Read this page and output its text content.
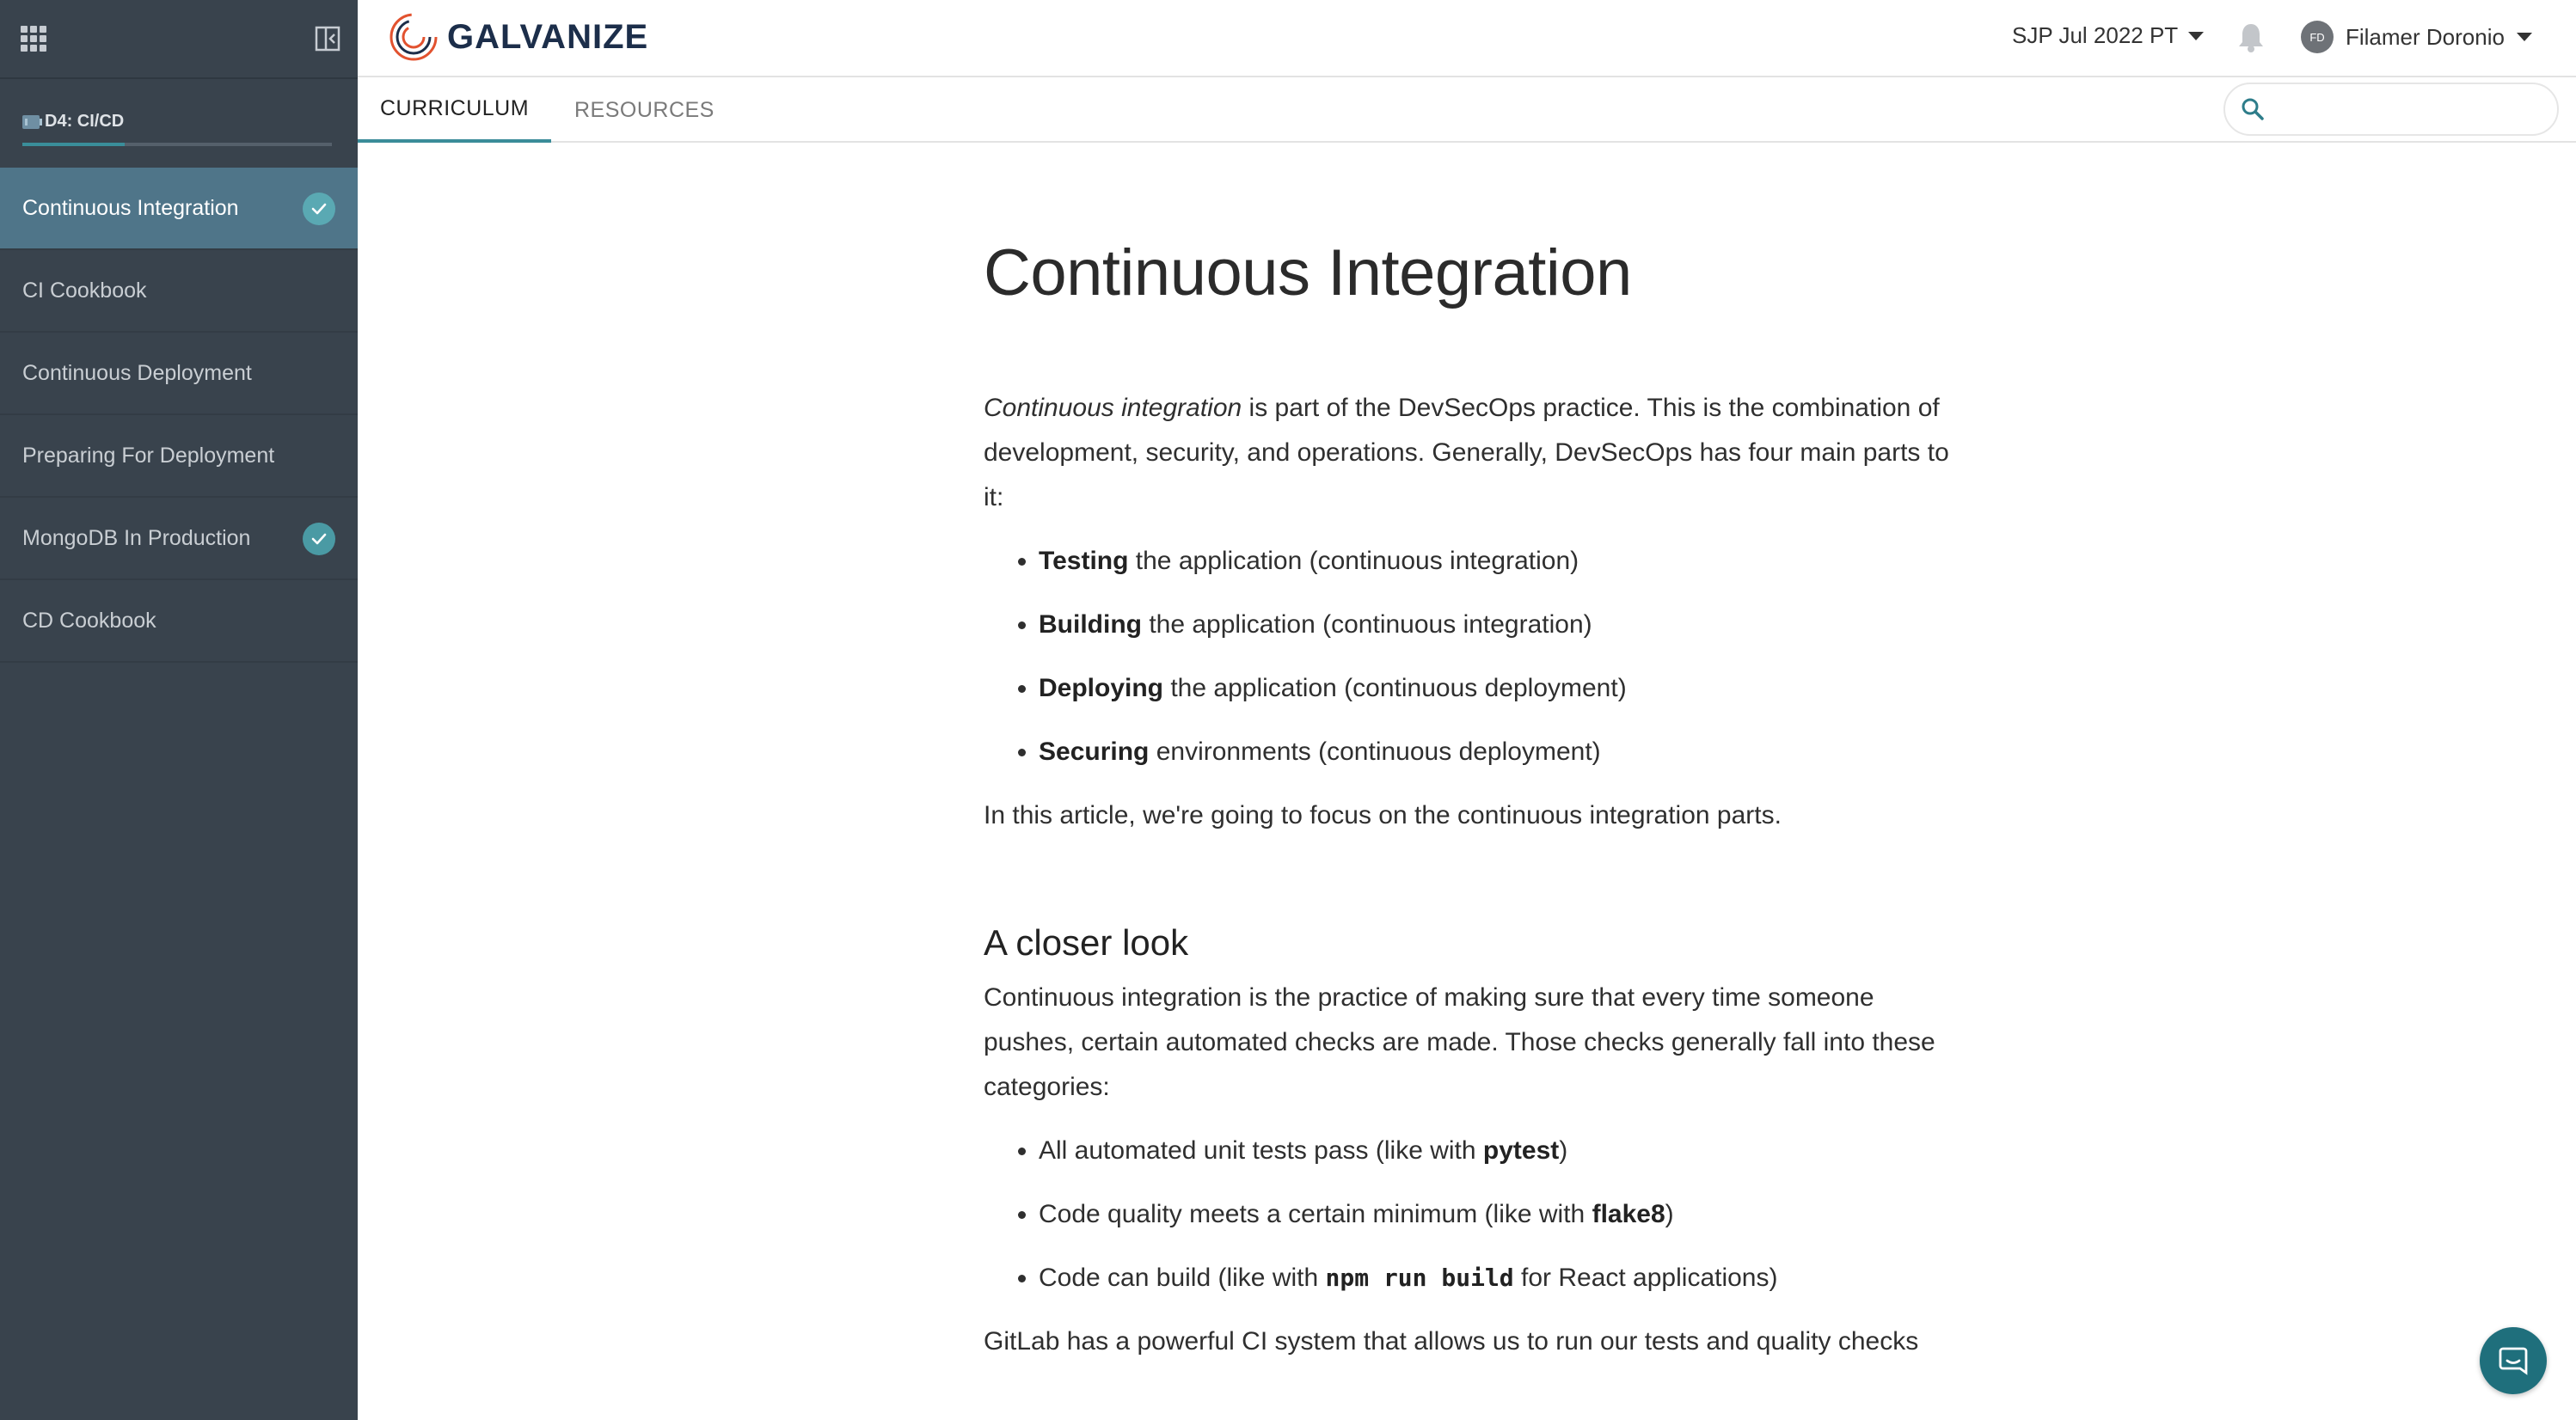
D4: CI/CD
Continuous Integration
CI Cookbook
Continuous Deployment
Preparing For Deployment
MongoDB In Production
CD Cookbook
GALVANIZE	SJP Jul 2022 PT	FD Filamer Doronio
CURRICULUM	RESOURCES
Continuous Integration

Continuous integration is part of the DevSecOps practice. This is the combination of development, security, and operations. Generally, DevSecOps has four main parts to it:

• Testing the application (continuous integration)
• Building the application (continuous integration)
• Deploying the application (continuous deployment)
• Securing environments (continuous deployment)

In this article, we're going to focus on the continuous integration parts.

A closer look

Continuous integration is the practice of making sure that every time someone pushes, certain automated checks are made. Those checks generally fall into these categories:

• All automated unit tests pass (like with pytest)
• Code quality meets a certain minimum (like with flake8)
• Code can build (like with npm run build for React applications)

GitLab has a powerful CI system that allows us to run our tests and quality checks
